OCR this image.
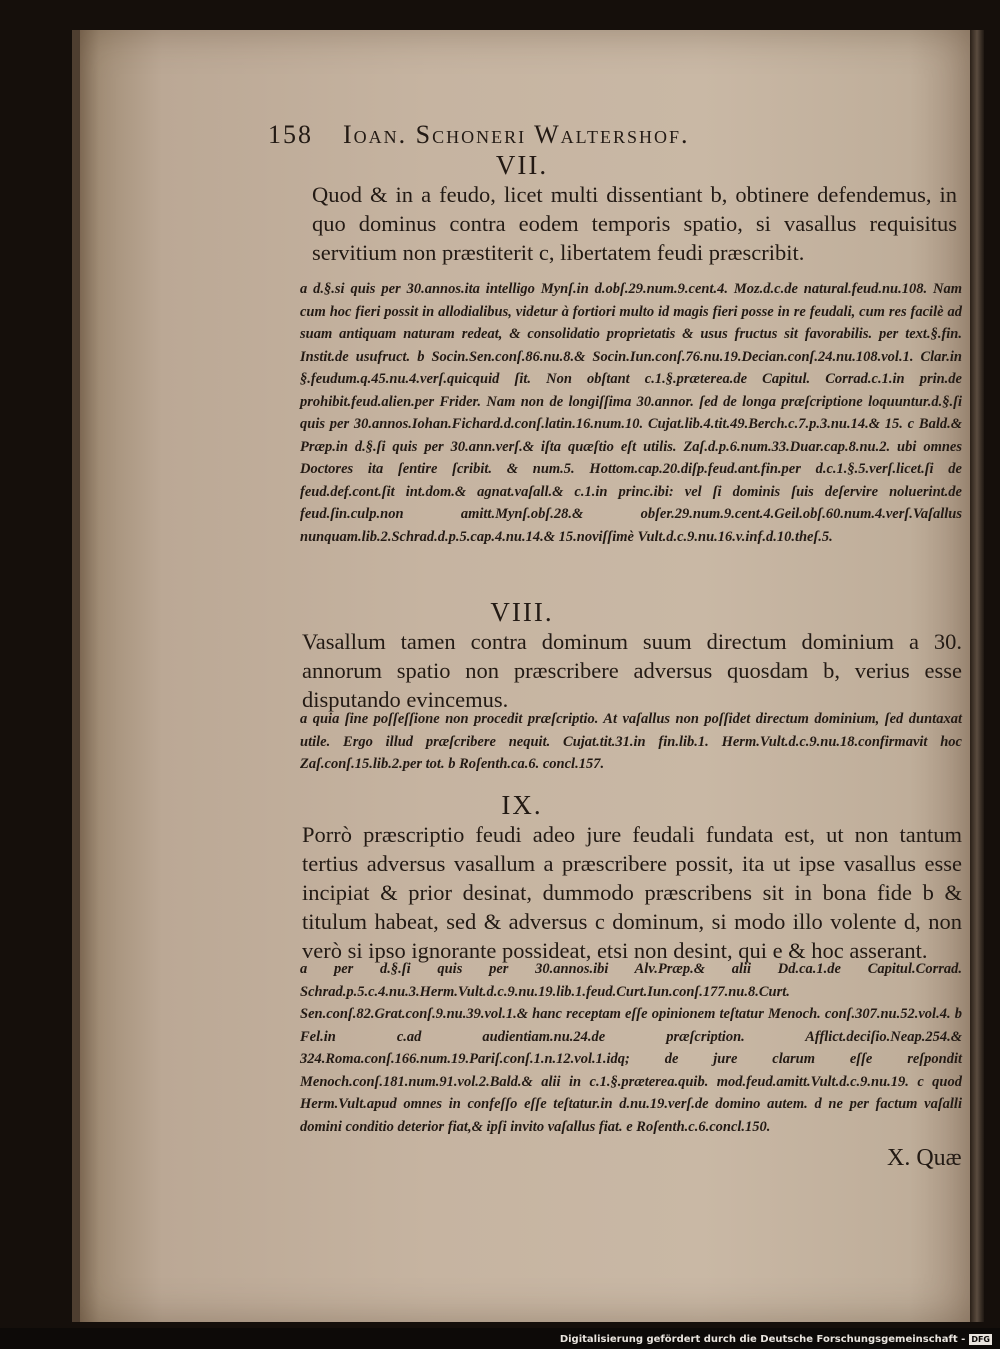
158 Ioan. Schoneri Waltershof.
VII.

Quod & in a feudo, licet multi dissentiant b, obtinere defendemus, in quo dominus contra eodem temporis spatio, si vasallus requisitus servitium non præstiterit c, libertatem feudi præscribit.

a d.§.si quis per 30.annos.ita intelligo Mynſ.in d.obſ.29.num.9.cent.4. Moz.d.c.de natural.feud.nu.108. Nam cum hoc fieri possit in allodialibus, videtur à fortiori multo id magis fieri posse in re feudali, cum res facilè ad suam antiquam naturam redeat, & consolidatio proprietatis & usus fructus sit favorabilis. per text.§.fin. Instit.de usufruct. b Socin.Sen.conſ.86.nu.8.& Socin.Iun.conſ.76.nu.19.Decian.conſ.24.nu.108.vol.1. Clar.in §.feudum.q.45.nu.4.verſ.quicquid ſit. Non obſtant c.1.§.præterea.de Capitul. Corrad.c.1.in prin.de prohibit.feud.alien.per Frider. Nam non de longiſſima 30.annor. ſed de longa præſcriptione loquuntur.d.§.ſi quis per 30.annos.Iohan.Fichard.d.conſ.latin.16.num.10. Cujat.lib.4.tit.49.Berch.c.7.p.3.nu.14.& 15. c Bald.& Præp.in d.§.ſi quis per 30.ann.verſ.& iſta quæſtio eſt utilis. Zaſ.d.p.6.num.33.Duar.cap.8.nu.2. ubi omnes Doctores ita ſentire ſcribit. & num.5. Hottom.cap.20.diſp.feud.ant.fin.per d.c.1.§.5.verſ.licet.ſi de feud.def.cont.ſit int.dom.& agnat.vaſall.& c.1.in princ.ibi: vel ſi dominis ſuis deſervire noluerint.de feud.ſin.culp.non amitt.Mynſ.obſ.28.& obſer.29.num.9.cent.4.Geil.obſ.60.num.4.verſ.Vaſallus nunquam.lib.2.Schrad.d.p.5.cap.4.nu.14.& 15.noviſſimè Vult.d.c.9.nu.16.v.inf.d.10.theſ.5.

VIII.

Vasallum tamen contra dominum suum directum dominium a 30. annorum spatio non præscribere adversus quosdam b, verius esse disputando evincemus.

a quia ſine poſſeſſione non procedit præſcriptio. At vaſallus non poſſidet directum dominium, ſed duntaxat utile. Ergo illud præſcribere nequit. Cujat.tit.31.in fin.lib.1. Herm.Vult.d.c.9.nu.18.confirmavit hoc Zaſ.conſ.15.lib.2.per tot. b Roſenth.ca.6. concl.157.

IX.

Porrò præscriptio feudi adeo jure feudali fundata est, ut non tantum tertius adversus vasallum a præscribere possit, ita ut ipse vasallus esse incipiat & prior desinat, dummodo præscribens sit in bona fide b & titulum habeat, sed & adversus c dominum, si modo illo volente d, non verò si ipso ignorante possideat, etsi non desint, qui e & hoc asserant.

a per d.§.ſi quis per 30.annos.ibi Alv.Præp.& alii Dd.ca.1.de Capitul.Corrad. Schrad.p.5.c.4.nu.3.Herm.Vult.d.c.9.nu.19.lib.1.feud.Curt.Iun.conſ.177.nu.8.Curt. Sen.conſ.82.Grat.conſ.9.nu.39.vol.1.& hanc receptam eſſe opinionem teſtatur Menoch. conſ.307.nu.52.vol.4. b Fel.in c.ad audientiam.nu.24.de præſcription. Afflict.deciſio.Neap.254.& 324.Roma.conſ.166.num.19.Pariſ.conſ.1.n.12.vol.1.idq; de jure clarum eſſe reſpondit Menoch.conſ.181.num.91.vol.2.Bald.& alii in c.1.§.præterea.quib. mod.feud.amitt.Vult.d.c.9.nu.19. c quod Herm.Vult.apud omnes in confeſſo eſſe teſtatur.in d.nu.19.verſ.de domino autem. d ne per factum vaſalli domini conditio deterior fiat,& ipſi invito vaſallus fiat. e Roſenth.c.6.concl.150.

X. Quæ
Digitalisierung gefördert durch die Deutsche Forschungsgemeinschaft - DFG
